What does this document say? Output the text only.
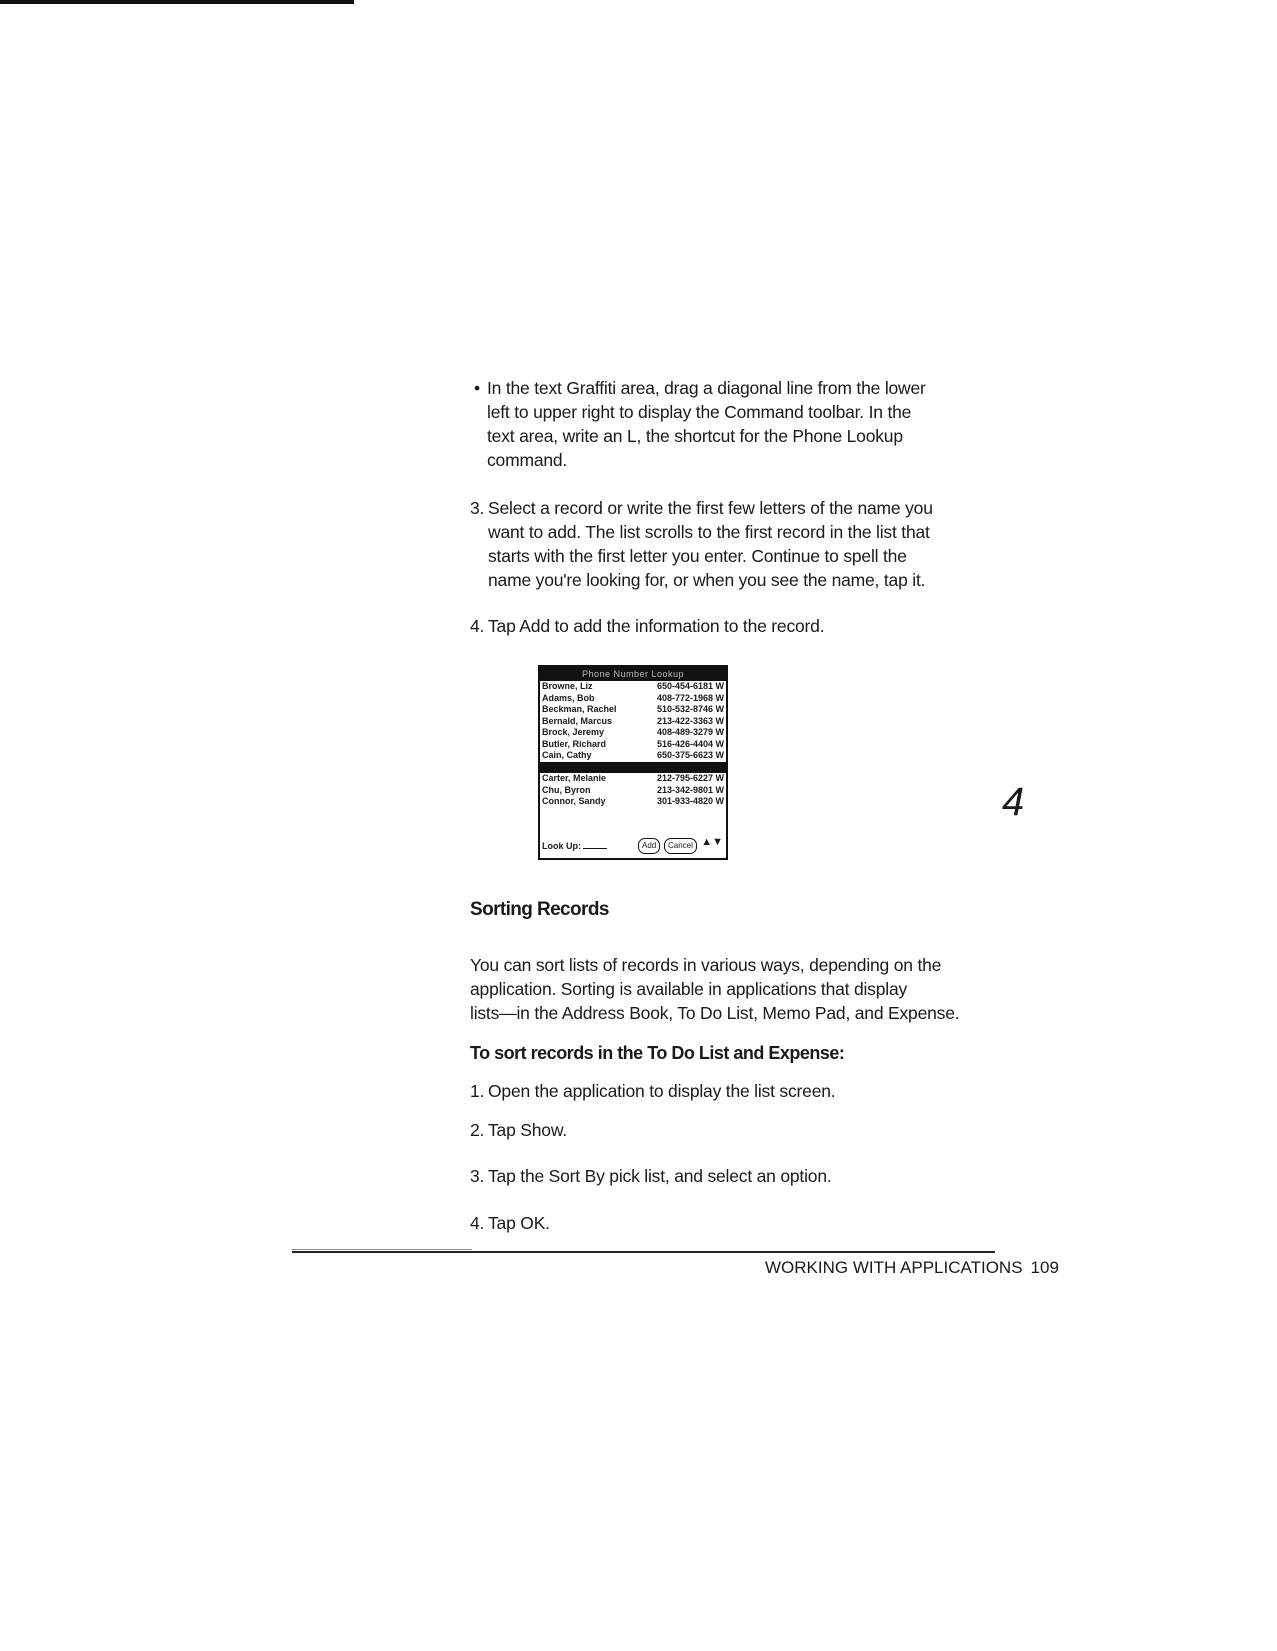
• In the text Graffiti area, drag a diagonal line from the lower
left to upper right to display the Command toolbar. In the
text area, write an L, the shortcut for the Phone Lookup
command.
3. Select a record or write the first few letters of the name you
want to add. The list scrolls to the first record in the list that
starts with the first letter you enter. Continue to spell the
name you're looking for, or when you see the name, tap it.
4. Tap Add to add the information to the record.
Phone Number Lookup
Browne, Liz	650-454-6181 W
Adams, Bob	408-772-1968 W
Beckman, Rachel	510-532-8746 W
Bernald, Marcus	213-422-3363 W
Brock, Jeremy	408-489-3279 W
Butler, Richard	516-426-4404 W
Cain, Cathy	650-375-6623 W
Carter, Melanie	212-795-6227 W
Chu, Byron	213-342-9801 W
Connor, Sandy	301-933-4820 W
Look Up:	Add	Cancel ▲▼
4
Sorting Records
You can sort lists of records in various ways, depending on the
application. Sorting is available in applications that display
lists—in the Address Book, To Do List, Memo Pad, and Expense.
To sort records in the To Do List and Expense:
1. Open the application to display the list screen.
2. Tap Show.
3. Tap the Sort By pick list, and select an option.
4. Tap OK.
WORKING WITH APPLICATIONS 109
